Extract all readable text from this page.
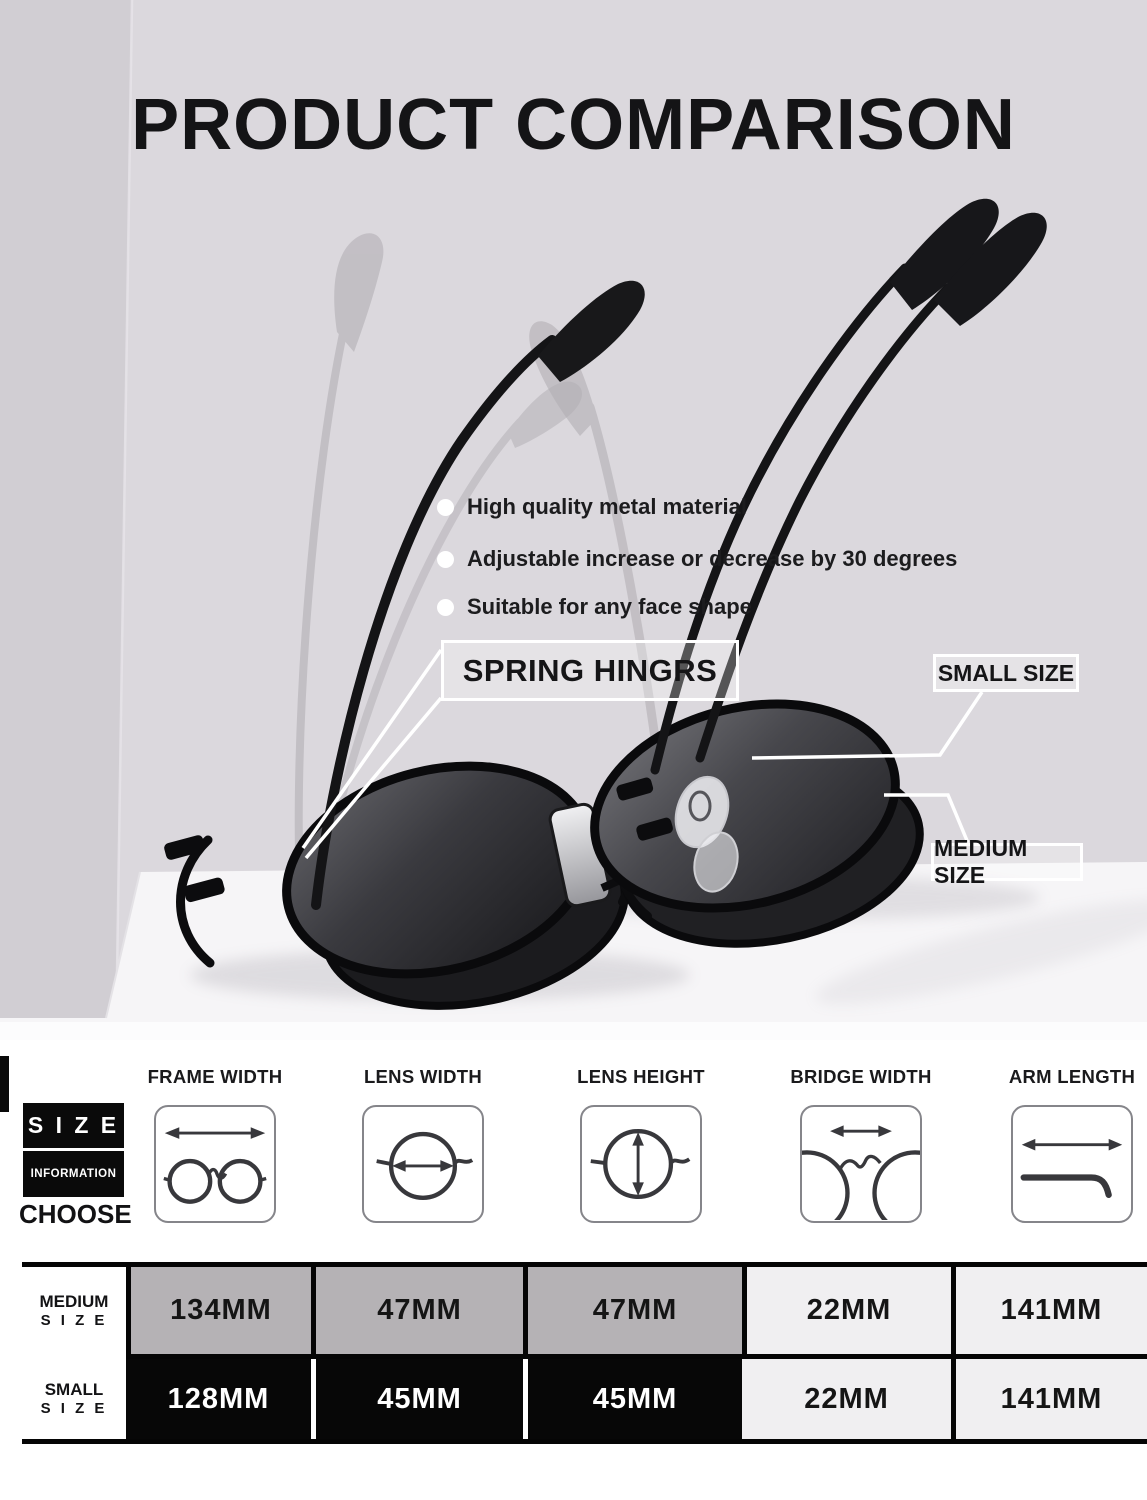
PRODUCT COMPARISON
High quality metal material
Adjustable increase or decrease by 30 degrees
Suitable for any face shape
SPRING HINGRS	SMALL SIZE
MEDIUM SIZE
S I Z E
INFORMATION
CHOOSE
FRAME WIDTH	LENS WIDTH	LENS HEIGHT	BRIDGE WIDTH	ARM LENGTH
MEDIUM
S I Z E	134MM	47MM	47MM	22MM	141MM
SMALL
S I Z E	128MM	45MM	45MM	22MM	141MM
